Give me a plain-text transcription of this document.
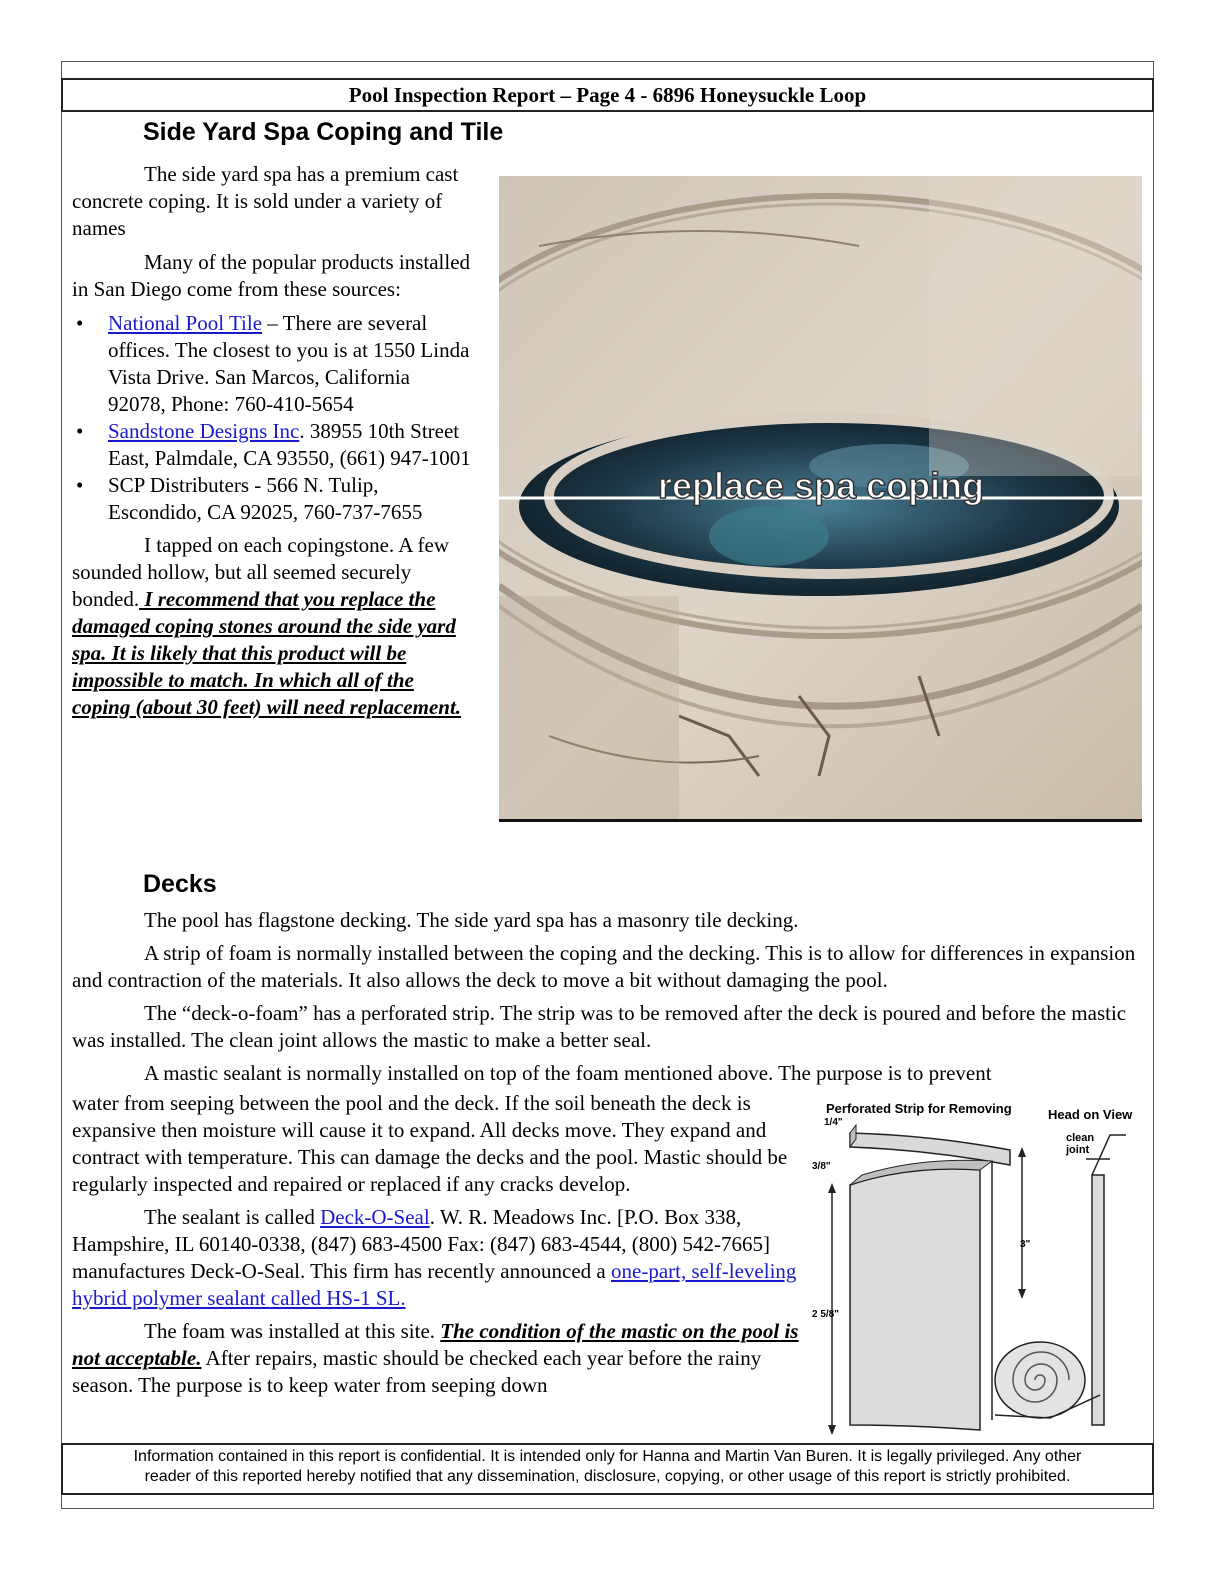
Pool Inspection Report – Page 4 - 6896 Honeysuckle Loop
Side Yard Spa Coping and Tile

The side yard spa has a premium cast concrete coping. It is sold under a variety of names

Many of the popular products installed in San Diego come from these sources:

• National Pool Tile – There are several offices. The closest to you is at 1550 Linda Vista Drive. San Marcos, California 92078, Phone: 760-410-5654
• Sandstone Designs Inc. 38955 10th Street East, Palmdale, CA 93550, (661) 947-1001
• SCP Distributers - 566 N. Tulip, Escondido, CA 92025, 760-737-7655

I tapped on each copingstone. A few sounded hollow, but all seemed securely bonded. I recommend that you replace the damaged coping stones around the side yard spa. It is likely that this product will be impossible to match. In which all of the coping (about 30 feet) will need replacement.

replace spa coping
Decks

The pool has flagstone decking. The side yard spa has a masonry tile decking.

A strip of foam is normally installed between the coping and the decking. This is to allow for differences in expansion and contraction of the materials. It also allows the deck to move a bit without damaging the pool.

The “deck-o-foam” has a perforated strip. The strip was to be removed after the deck is poured and before the mastic was installed. The clean joint allows the mastic to make a better seal.

A mastic sealant is normally installed on top of the foam mentioned above. The purpose is to prevent

water from seeping between the pool and the deck. If the soil beneath the deck is expansive then moisture will cause it to expand. All decks move. They expand and contract with temperature. This can damage the decks and the pool. Mastic should be regularly inspected and repaired or replaced if any cracks develop.

The sealant is called Deck-O-Seal. W. R. Meadows Inc. [P.O. Box 338, Hampshire, IL 60140-0338, (847) 683-4500 Fax: (847) 683-4544, (800) 542-7665] manufactures Deck-O-Seal. This firm has recently announced a one-part, self-leveling hybrid polymer sealant called HS-1 SL.

The foam was installed at this site. The condition of the mastic on the pool is not acceptable. After repairs, mastic should be checked each year before the rainy season. The purpose is to keep water from seeping down

Perforated Strip for Removing	Head on View
1/4"
3/8"
2 5/8"
3"
clean
joint
Information contained in this report is confidential. It is intended only for Hanna and Martin Van Buren. It is legally privileged. Any other
reader of this reported hereby notified that any dissemination, disclosure, copying, or other usage of this report is strictly prohibited.
